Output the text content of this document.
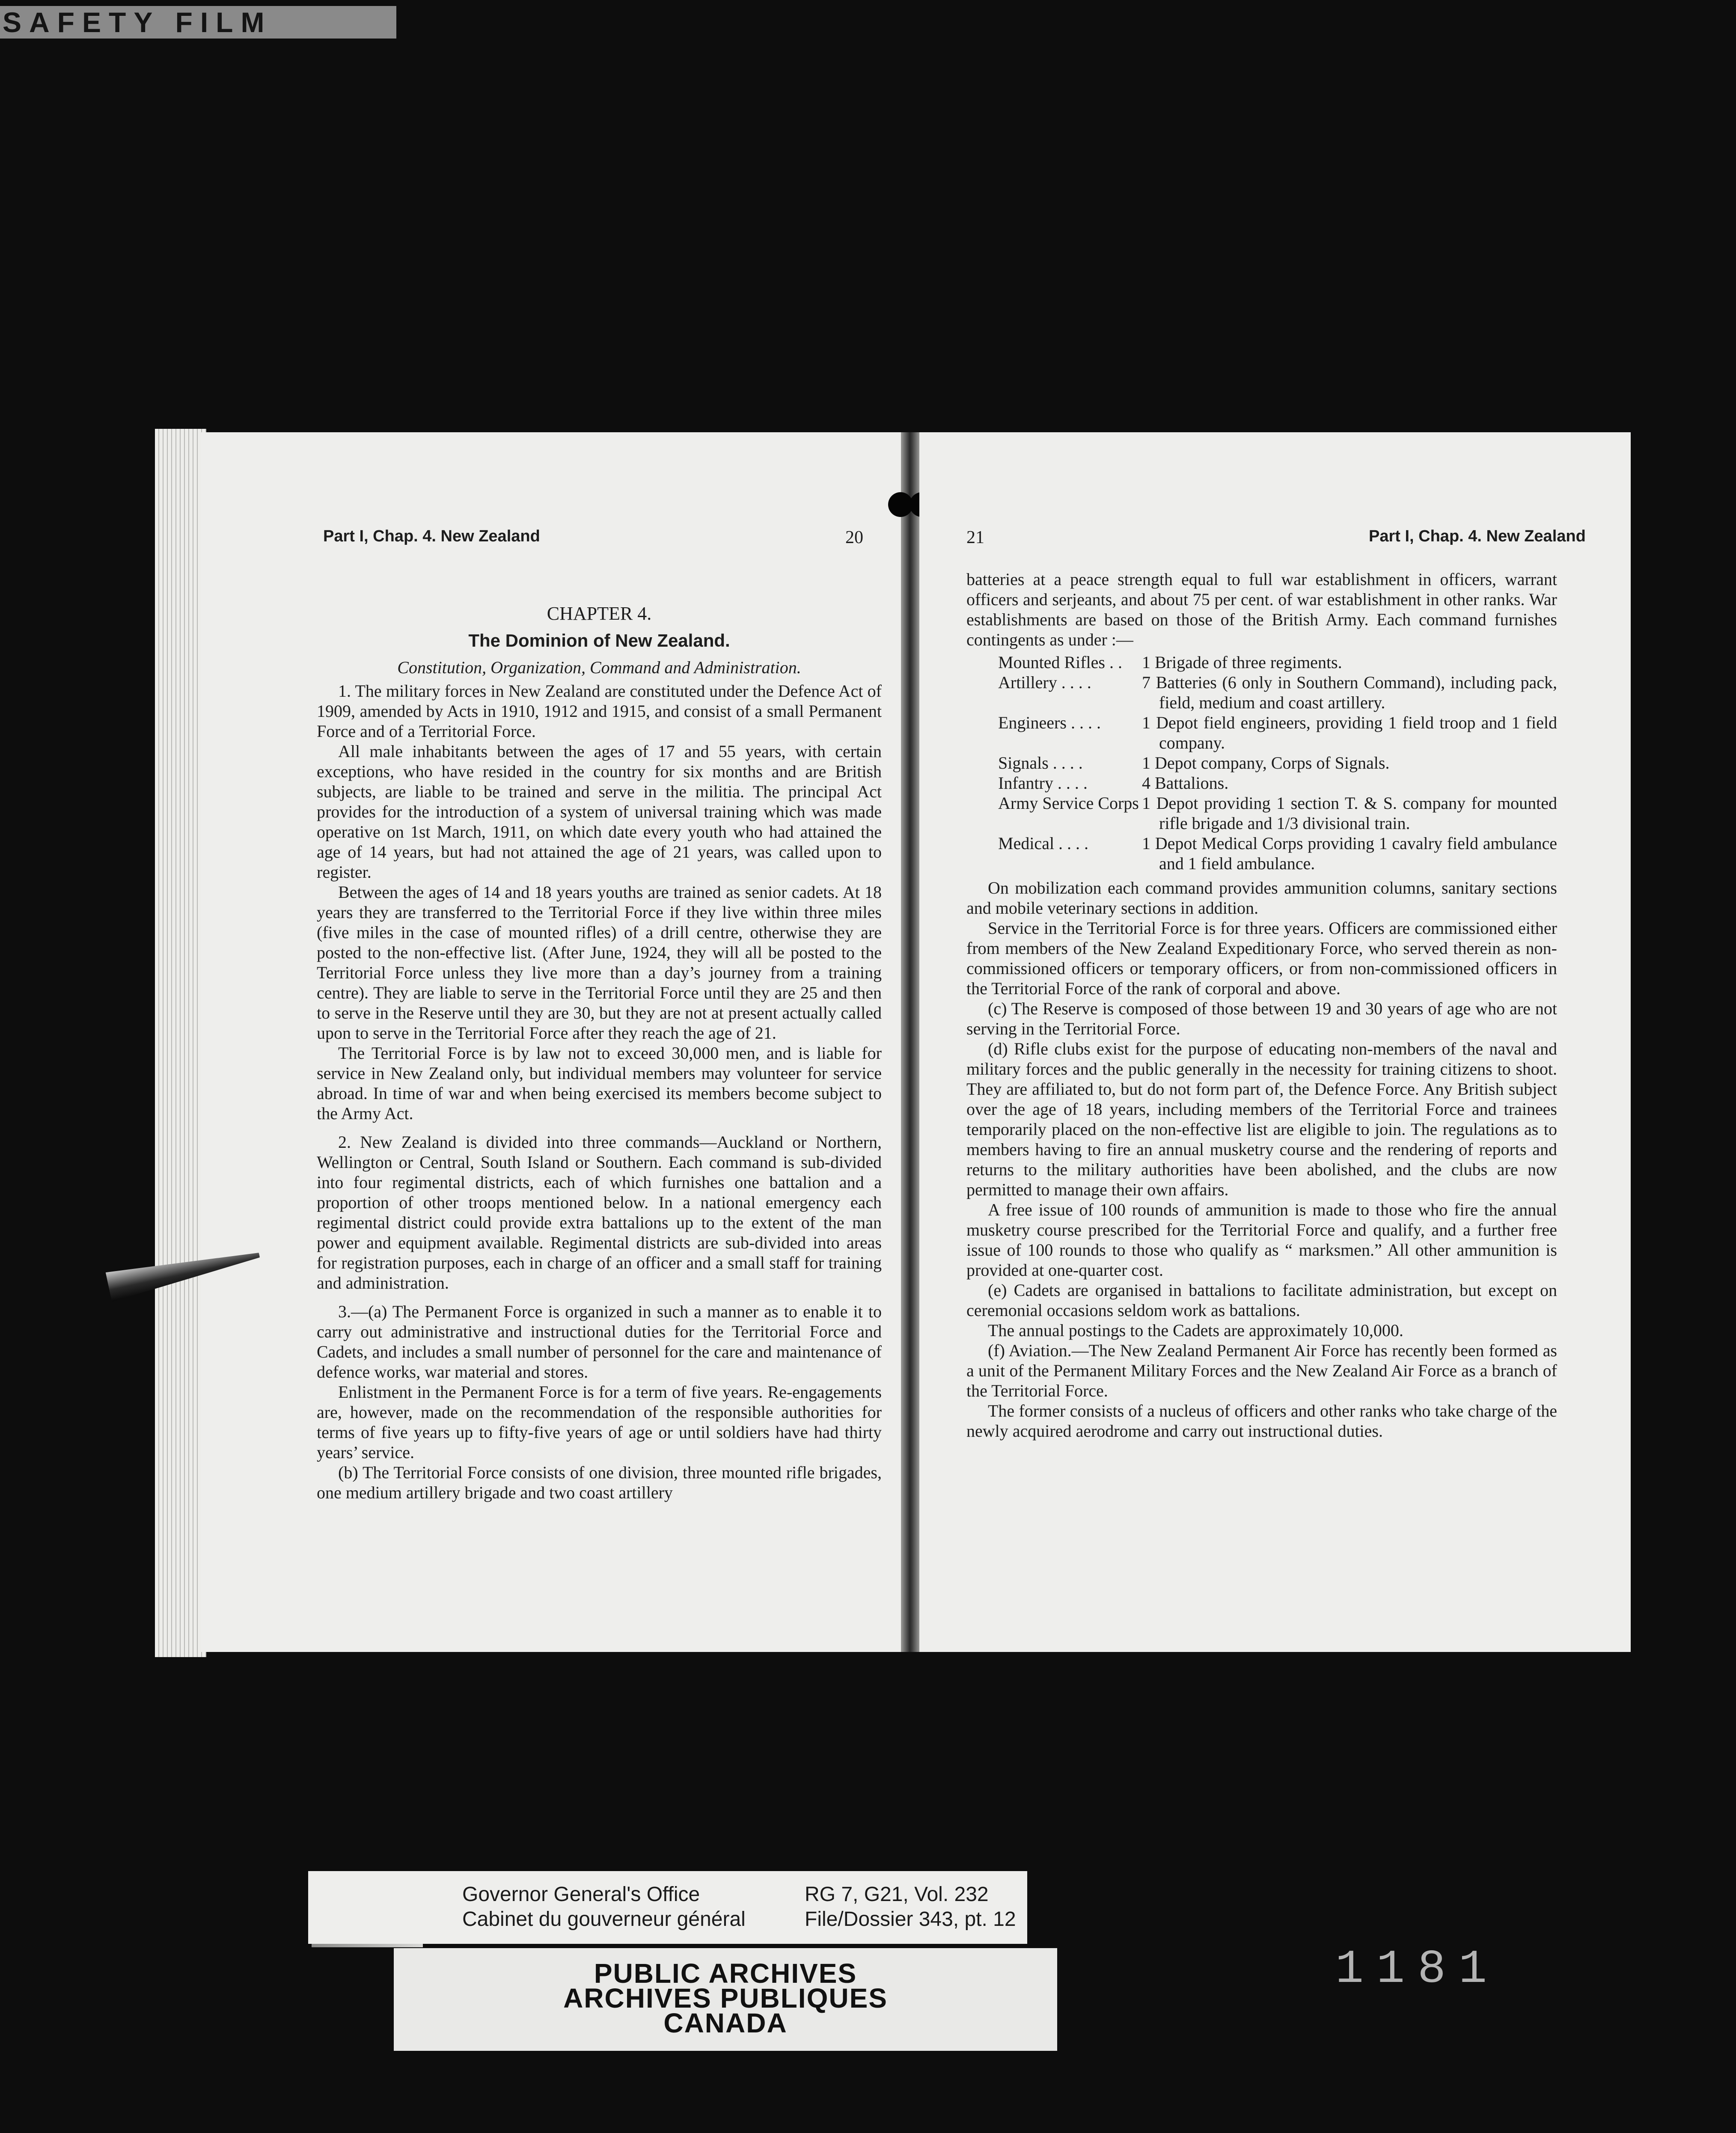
SAFETY FILM
Part I, Chap. 4. New Zealand	20
CHAPTER 4.
The Dominion of New Zealand.
Constitution, Organization, Command and Administration.

1. The military forces in New Zealand are constituted under the Defence Act of 1909, amended by Acts in 1910, 1912 and 1915, and consist of a small Permanent Force and of a Territorial Force.

All male inhabitants between the ages of 17 and 55 years, with certain exceptions, who have resided in the country for six months and are British subjects, are liable to be trained and serve in the militia. The principal Act provides for the introduction of a system of universal training which was made operative on 1st March, 1911, on which date every youth who had attained the age of 14 years, but had not attained the age of 21 years, was called upon to register.

Between the ages of 14 and 18 years youths are trained as senior cadets. At 18 years they are transferred to the Territorial Force if they live within three miles (five miles in the case of mounted rifles) of a drill centre, otherwise they are posted to the non-effective list. (After June, 1924, they will all be posted to the Territorial Force unless they live more than a day’s journey from a training centre). They are liable to serve in the Territorial Force until they are 25 and then to serve in the Reserve until they are 30, but they are not at present actually called upon to serve in the Territorial Force after they reach the age of 21.

The Territorial Force is by law not to exceed 30,000 men, and is liable for service in New Zealand only, but individual members may volunteer for service abroad. In time of war and when being exercised its members become subject to the Army Act.

2. New Zealand is divided into three commands—Auckland or Northern, Wellington or Central, South Island or Southern. Each command is sub-divided into four regimental districts, each of which furnishes one battalion and a proportion of other troops mentioned below. In a national emergency each regimental district could provide extra battalions up to the extent of the man power and equipment available. Regimental districts are sub-divided into areas for registration purposes, each in charge of an officer and a small staff for training and administration.

3.—(a) The Permanent Force is organized in such a manner as to enable it to carry out administrative and instructional duties for the Territorial Force and Cadets, and includes a small number of personnel for the care and maintenance of defence works, war material and stores.

Enlistment in the Permanent Force is for a term of five years. Re-engagements are, however, made on the recommendation of the responsible authorities for terms of five years up to fifty-five years of age or until soldiers have had thirty years’ service.

(b) The Territorial Force consists of one division, three mounted rifle brigades, one medium artillery brigade and two coast artillery

21	Part I, Chap. 4. New Zealand

batteries at a peace strength equal to full war establishment in officers, warrant officers and serjeants, and about 75 per cent. of war establishment in other ranks. War establishments are based on those of the British Army. Each command furnishes contingents as under :—

Mounted Rifles . .	1 Brigade of three regiments.
Artillery . . . .	7 Batteries (6 only in Southern Command), including pack, field, medium and coast artillery.
Engineers . . . .	1 Depot field engineers, providing 1 field troop and 1 field company.
Signals . . . .	1 Depot company, Corps of Signals.
Infantry . . . .	4 Battalions.
Army Service Corps 1 Depot providing 1 section T. & S. company for mounted rifle brigade and 1/3 divisional train.
Medical . . . .	1 Depot Medical Corps providing 1 cavalry field ambulance and 1 field ambulance.

On mobilization each command provides ammunition columns, sanitary sections and mobile veterinary sections in addition.

Service in the Territorial Force is for three years. Officers are commissioned either from members of the New Zealand Expeditionary Force, who served therein as non-commissioned officers or temporary officers, or from non-commissioned officers in the Territorial Force of the rank of corporal and above.

(c) The Reserve is composed of those between 19 and 30 years of age who are not serving in the Territorial Force.

(d) Rifle clubs exist for the purpose of educating non-members of the naval and military forces and the public generally in the necessity for training citizens to shoot. They are affiliated to, but do not form part of, the Defence Force. Any British subject over the age of 18 years, including members of the Territorial Force and trainees temporarily placed on the non-effective list are eligible to join. The regulations as to members having to fire an annual musketry course and the rendering of reports and returns to the military authorities have been abolished, and the clubs are now permitted to manage their own affairs.

A free issue of 100 rounds of ammunition is made to those who fire the annual musketry course prescribed for the Territorial Force and qualify, and a further free issue of 100 rounds to those who qualify as “ marksmen.” All other ammunition is provided at one-quarter cost.

(e) Cadets are organised in battalions to facilitate administration, but except on ceremonial occasions seldom work as battalions.

The annual postings to the Cadets are approximately 10,000.

(f) Aviation.—The New Zealand Permanent Air Force has recently been formed as a unit of the Permanent Military Forces and the New Zealand Air Force as a branch of the Territorial Force.

The former consists of a nucleus of officers and other ranks who take charge of the newly acquired aerodrome and carry out instructional duties.

Governor General's Office
Cabinet du gouverneur général
RG 7, G21, Vol. 232
File/Dossier 343, pt. 12
PUBLIC ARCHIVES
ARCHIVES PUBLIQUES
CANADA
1181
